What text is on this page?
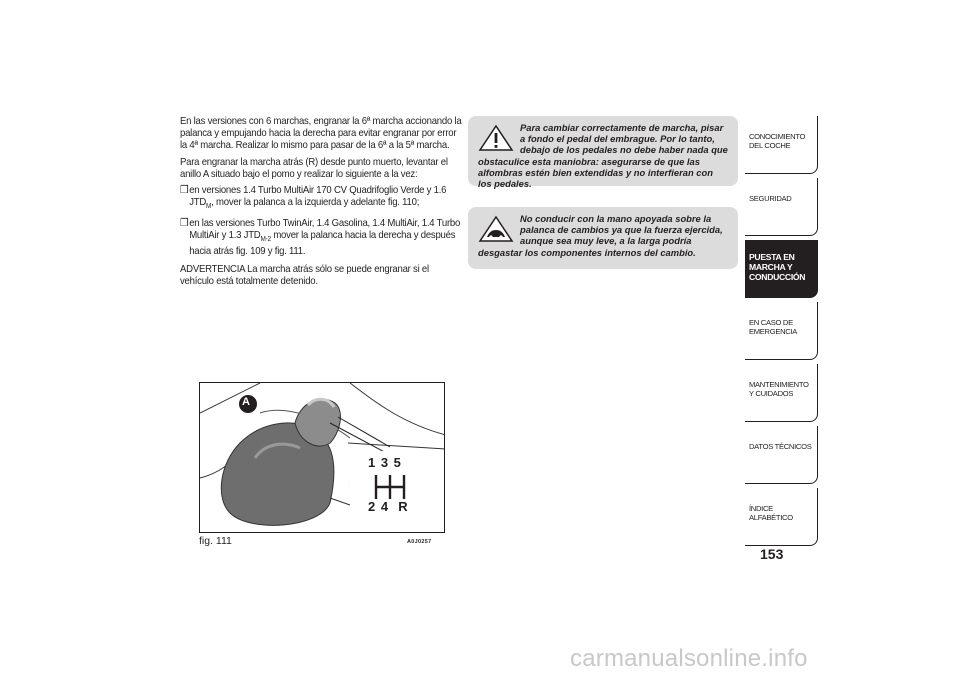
En las versiones con 6 marchas, engranar la 6ª marcha accionando la palanca y empujando hacia la derecha para evitar engranar por error la 4ª marcha. Realizar lo mismo para pasar de la 6ª a la 5ª marcha.

Para engranar la marcha atrás (R) desde punto muerto, levantar el anillo A situado bajo el pomo y realizar lo siguiente a la vez:

❒ en versiones 1.4 Turbo MultiAir 170 CV Quadrifoglio Verde y 1.6 $JTD_M$, mover la palanca a la izquierda y adelante fig. 110;
❒ en las versiones Turbo TwinAir, 1.4 Gasolina, 1.4 MultiAir, 1.4 Turbo MultiAir y 1.3 $JTD_{M-2}$ mover la palanca hacia la derecha y después hacia atrás fig. 109 y fig. 111.

ADVERTENCIA La marcha atrás sólo se puede engranar si el vehículo está totalmente detenido.

Para cambiar correctamente de marcha, pisar a fondo el pedal del embrague. Por lo tanto, debajo de los pedales no debe haber nada que obstaculice esta maniobra: asegurarse de que las alfombras estén bien extendidas y no interfieran con los pedales.
No conducir con la mano apoyada sobre la palanca de cambios ya que la fuerza ejercida, aunque sea muy leve, a la larga podría desgastar los componentes internos del cambio.
A
1 3 5
2 4  R
fig. 111	A0J0257
CONOCIMIENTO DEL COCHE
SEGURIDAD
PUESTA EN MARCHA Y CONDUCCIÓN
EN CASO DE EMERGENCIA
MANTENIMIENTO Y CUIDADOS
DATOS TÉCNICOS
ÍNDICE ALFABÉTICO
153
carmanualsonline.info
